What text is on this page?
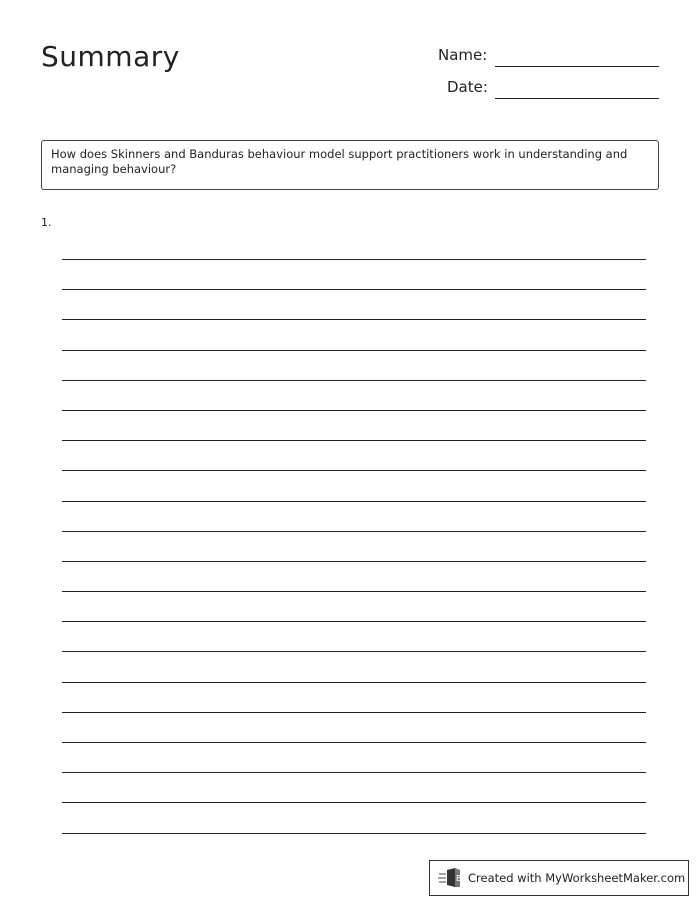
Summary	Name:
Date:
How does Skinners and Banduras behaviour model support practitioners work in understanding and managing behaviour?
1.
B Created with MyWorksheetMaker.com
